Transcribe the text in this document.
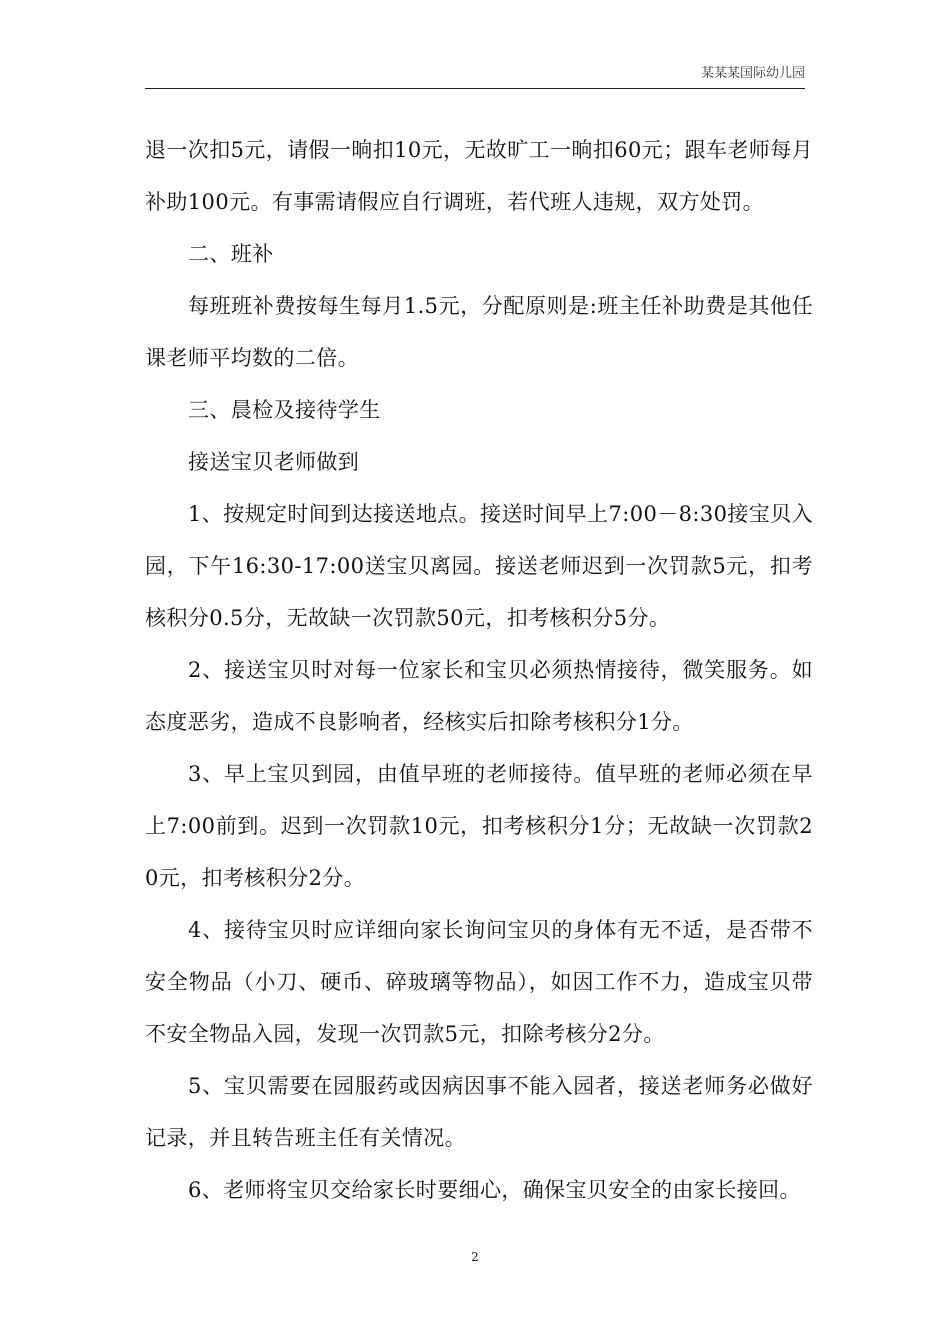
某某某国际幼儿园

退一次扣5元，请假一晌扣10元，无故旷工一晌扣60元；跟车老师每月补助100元。有事需请假应自行调班，若代班人违规，双方处罚。

二、班补

每班班补费按每生每月1.5元，分配原则是:班主任补助费是其他任课老师平均数的二倍。

三、晨检及接待学生

接送宝贝老师做到

1、按规定时间到达接送地点。接送时间早上7:00－8:30接宝贝入园，下午16:30-17:00送宝贝离园。接送老师迟到一次罚款5元，扣考核积分0.5分，无故缺一次罚款50元，扣考核积分5分。

2、接送宝贝时对每一位家长和宝贝必须热情接待，微笑服务。如态度恶劣，造成不良影响者，经核实后扣除考核积分1分。

3、早上宝贝到园，由值早班的老师接待。值早班的老师必须在早上7:00前到。迟到一次罚款10元，扣考核积分1分；无故缺一次罚款20元，扣考核积分2分。

4、接待宝贝时应详细向家长询问宝贝的身体有无不适，是否带不安全物品（小刀、硬币、碎玻璃等物品），如因工作不力，造成宝贝带不安全物品入园，发现一次罚款5元，扣除考核分2分。

5、宝贝需要在园服药或因病因事不能入园者，接送老师务必做好记录，并且转告班主任有关情况。

6、老师将宝贝交给家长时要细心，确保宝贝安全的由家长接回。

2
